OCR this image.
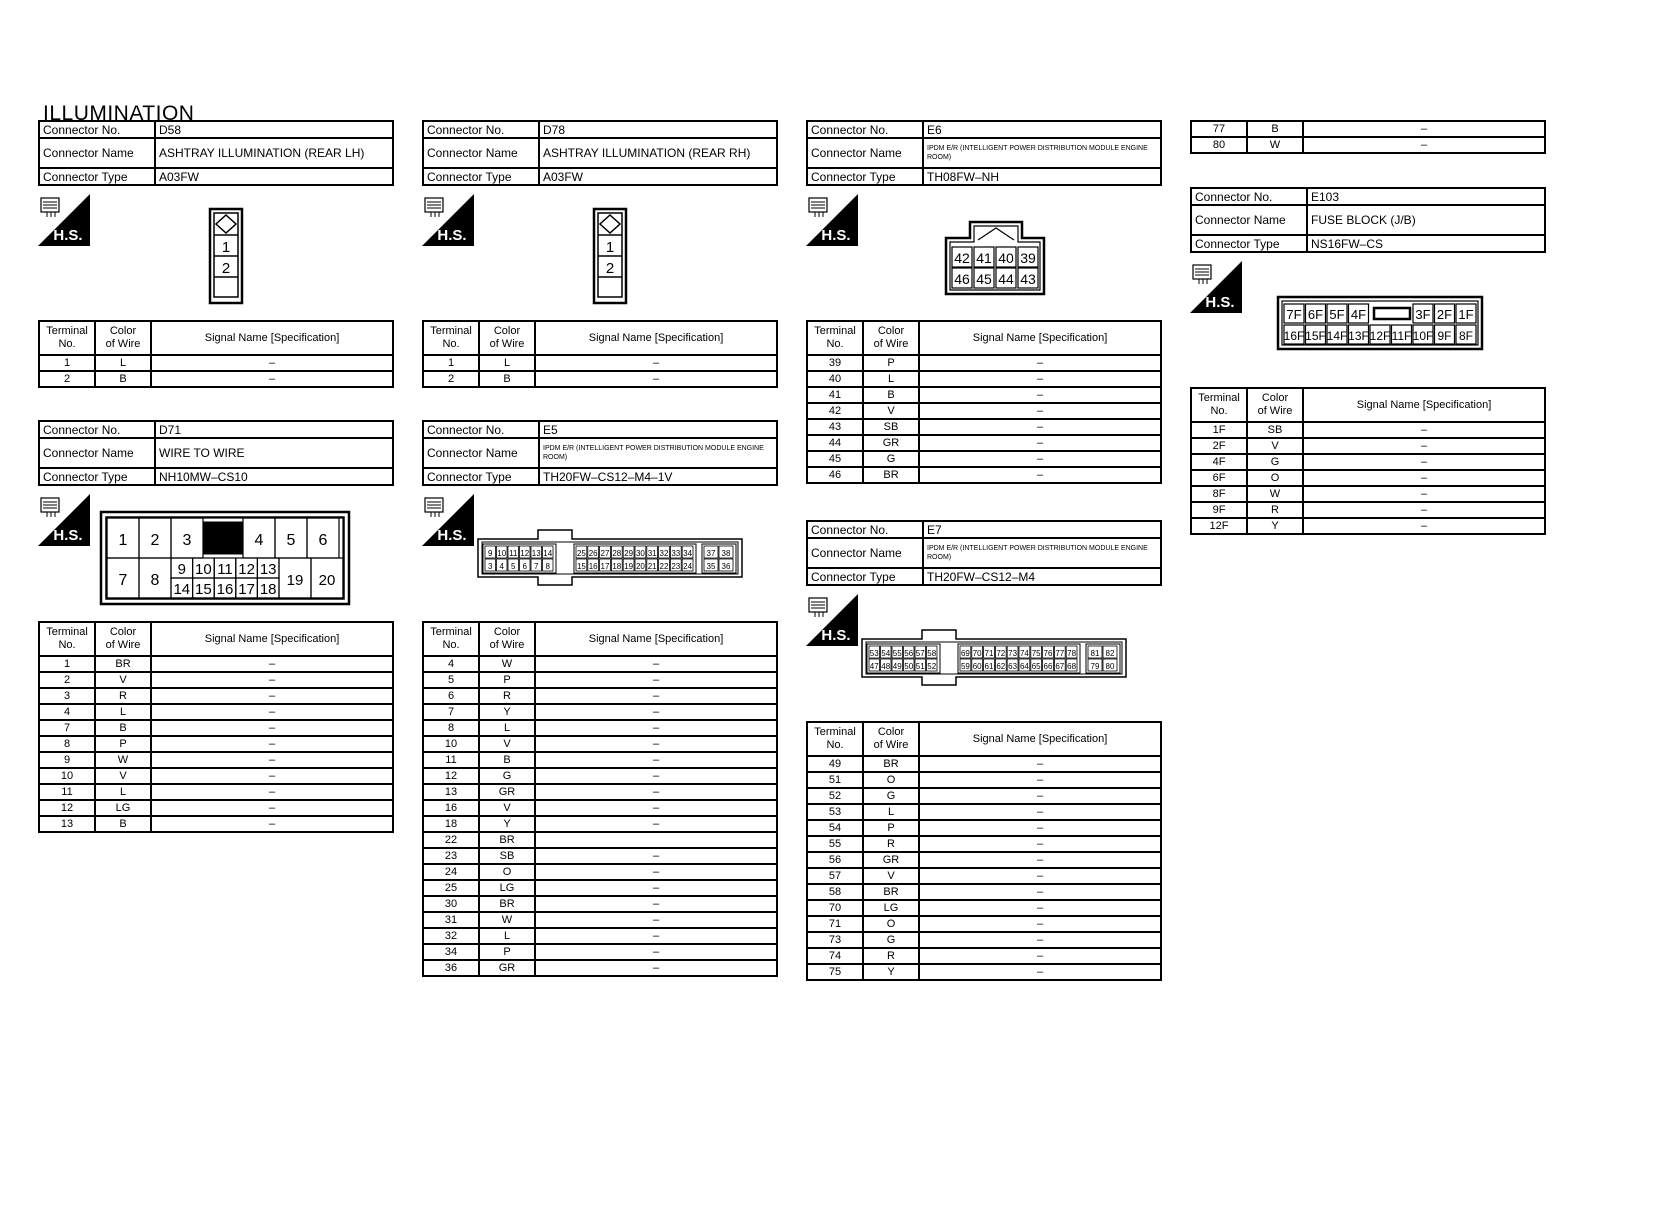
ILLUMINATION
Connector No.	D58
Connector Name	ASHTRAY ILLUMINATION (REAR LH)
Connector Type	A03FW
H.S.
1
2
Terminal
No.	Color
of Wire	Signal Name [Specification]
1	L	–
2	B	–
Connector No.	D78
Connector Name	ASHTRAY ILLUMINATION (REAR RH)
Connector Type	A03FW
H.S.
1
2
Terminal
No.	Color
of Wire	Signal Name [Specification]
1	L	–
2	B	–
Connector No.	E6
Connector Name	IPDM E/R (INTELLIGENT POWER DISTRIBUTION MODULE ENGINE ROOM)
Connector Type	TH08FW–NH
H.S.
42 41 40 39
46 45 44 43
Terminal
No.	Color
of Wire	Signal Name [Specification]
39	P	–
40	L	–
41	B	–
42	V	–
43	SB	–
44	GR	–
45	G	–
46	BR	–
77	B	–
80	W	–
Connector No.	E103
Connector Name	FUSE BLOCK (J/B)
Connector Type	NS16FW–CS
H.S.
7F 6F 5F 4F	3F 2F 1F
16F 15F 14F 13F 12F 11F 10F 9F 8F
Terminal
No.	Color
of Wire	Signal Name [Specification]
1F	SB	–
2F	V	–
4F	G	–
6F	O	–
8F	W	–
9F	R	–
12F	Y	–
Connector No.	D71
Connector Name	WIRE TO WIRE
Connector Type	NH10MW–CS10
H.S. 1 2 3	4 5 6
7 8
9 10 11 12 13
14 15 16 17 18
19 20
Terminal
No.	Color
of Wire	Signal Name [Specification]
1	BR	–
2	V	–
3	R	–
4	L	–
7	B	–
8	P	–
9	W	–
10	V	–
11	L	–
12	LG	–
13	B	–
Connector No.	E5
Connector Name	IPDM E/R (INTELLIGENT POWER DISTRIBUTION MODULE ENGINE ROOM)
Connector Type	TH20FW–CS12–M4–1V
H.S.
9 10 11 12 13 14
3 4 5 6 7 8
25 26 27 28 29 30 31 32 33 34
15 16 17 18 19 20 21 22 23 24
37 38
35 36
Terminal
No.	Color
of Wire	Signal Name [Specification]
4	W	–
5	P	–
6	R	–
7	Y	–
8	L	–
10	V	–
11	B	–
12	G	–
13	GR	–
16	V	–
18	Y	–
22	BR	
23	SB	–
24	O	–
25	LG	–
30	BR	–
31	W	–
32	L	–
34	P	–
36	GR	–
Connector No.	E7
Connector Name	IPDM E/R (INTELLIGENT POWER DISTRIBUTION MODULE ENGINE ROOM)
Connector Type	TH20FW–CS12–M4
H.S.
53 54 55 56 57 58
47 48 49 50 51 52
69 70 71 72 73 74 75 76 77 78
59 60 61 62 63 64 65 66 67 68
81 82
79 80
Terminal
No.	Color
of Wire	Signal Name [Specification]
49	BR	–
51	O	–
52	G	–
53	L	–
54	P	–
55	R	–
56	GR	–
57	V	–
58	BR	–
70	LG	–
71	O	–
73	G	–
74	R	–
75	Y	–
